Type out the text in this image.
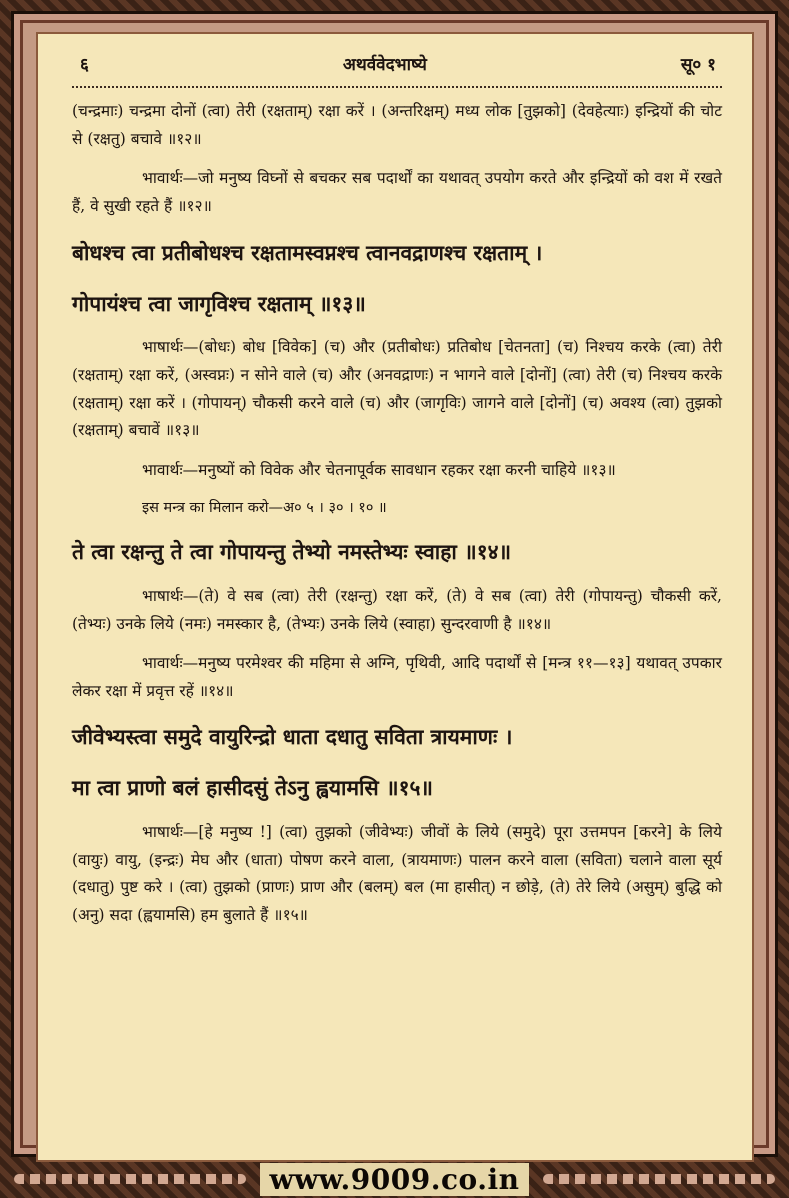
६	अथर्ववेदभाष्ये	सू० १

(चन्द्रमाः) चन्द्रमा दोनों (त्वा) तेरी (रक्षताम्) रक्षा करें । (अन्तरिक्षम्) मध्य लोक [तुझको] (देवहेत्याः) इन्द्रियों की चोट से (रक्षतु) बचावे ॥१२॥

भावार्थः—जो मनुष्य विघ्नों से बचकर सब पदार्थों का यथावत् उपयोग करते और इन्द्रियों को वश में रखते हैं, वे सुखी रहते हैं ॥१२॥

बोधश्च त्वा प्रतीबोधश्च रक्षतामस्वप्नश्च त्वानवद्राणश्च रक्षताम् ।
गोपायंश्च त्वा जागृविश्च रक्षताम् ॥१३॥

भाषार्थः—(बोधः) बोध [विवेक] (च) और (प्रतीबोधः) प्रतिबोध [चेतनता] (च) निश्चय करके (त्वा) तेरी (रक्षताम्) रक्षा करें, (अस्वप्नः) न सोने वाले (च) और (अनवद्राणः) न भागने वाले [दोनों] (त्वा) तेरी (च) निश्चय करके (रक्षताम्) रक्षा करें । (गोपायन्) चौकसी करने वाले (च) और (जागृविः) जागने वाले [दोनों] (च) अवश्य (त्वा) तुझको (रक्षताम्) बचावें ॥१३॥

भावार्थः—मनुष्यों को विवेक और चेतनापूर्वक सावधान रहकर रक्षा करनी चाहिये ॥१३॥

इस मन्त्र का मिलान करो—अ० ५ । ३० । १० ॥

ते त्वा रक्षन्तु ते त्वा गोपायन्तु तेभ्यो नमस्तेभ्यः स्वाहा ॥१४॥

भाषार्थः—(ते) वे सब (त्वा) तेरी (रक्षन्तु) रक्षा करें, (ते) वे सब (त्वा) तेरी (गोपायन्तु) चौकसी करें, (तेभ्यः) उनके लिये (नमः) नमस्कार है, (तेभ्यः) उनके लिये (स्वाहा) सुन्दरवाणी है ॥१४॥

भावार्थः—मनुष्य परमेश्वर की महिमा से अग्नि, पृथिवी, आदि पदार्थों से [मन्त्र ११—१३] यथावत् उपकार लेकर रक्षा में प्रवृत्त रहें ॥१४॥

जीवेभ्यस्त्वा समुदे वायुरिन्द्रो धाता दधातु सविता त्रायमाणः ।
मा त्वा प्राणो बलं हासीदसुं तेऽनु ह्वयामसि ॥१५॥

भाषार्थः—[हे मनुष्य !] (त्वा) तुझको (जीवेभ्यः) जीवों के लिये (समुदे) पूरा उत्तमपन [करने] के लिये (वायुः) वायु, (इन्द्रः) मेघ और (धाता) पोषण करने वाला, (त्रायमाणः) पालन करने वाला (सविता) चलाने वाला सूर्य (दधातु) पुष्ट करे । (त्वा) तुझको (प्राणः) प्राण और (बलम्) बल (मा हासीत्) न छोड़े, (ते) तेरे लिये (असुम्) बुद्धि को (अनु) सदा (ह्वयामसि) हम बुलाते हैं ॥१५॥

www.9009.co.in
